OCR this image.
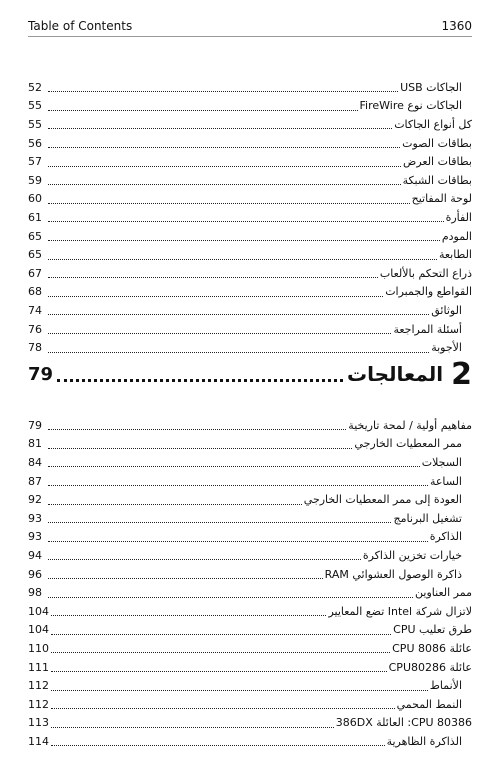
Table of Contents	1360
52	الجاكات USB
55	الجاكات نوع FireWire
55	كل أنواع الجاكات
56	بطاقات الصوت
57	بطاقات العرض
59	بطاقات الشبكة
60	لوحة المفاتيح
61	الفأرة
65	المودم
65	الطابعة
67	ذراع التحكم بالألعاب
68	القواطع والجمبرات
74	الوثائق
76	أسئلة المراجعة
78	الأجوبة
79	المعالجات 2
79	مفاهيم أولية / لمحة تاريخية
81	ممر المعطيات الخارجي
84	السجلات
87	الساعة
92	العودة إلى ممر المعطيات الخارجي
93	تشغيل البرنامج
93	الذاكرة
94	خيارات تخزين الذاكرة
96	ذاكرة الوصول العشوائي RAM
98	ممر العناوين
104	لاتزال شركة Intel تضع المعايير
104	طرق تعليب CPU
110	عائلة CPU 8086
111	عائلة CPU80286
112	الأنماط
112	النمط المحمي
113	CPU 80386: العائلة 386DX
114	الذاكرة الظاهرية
